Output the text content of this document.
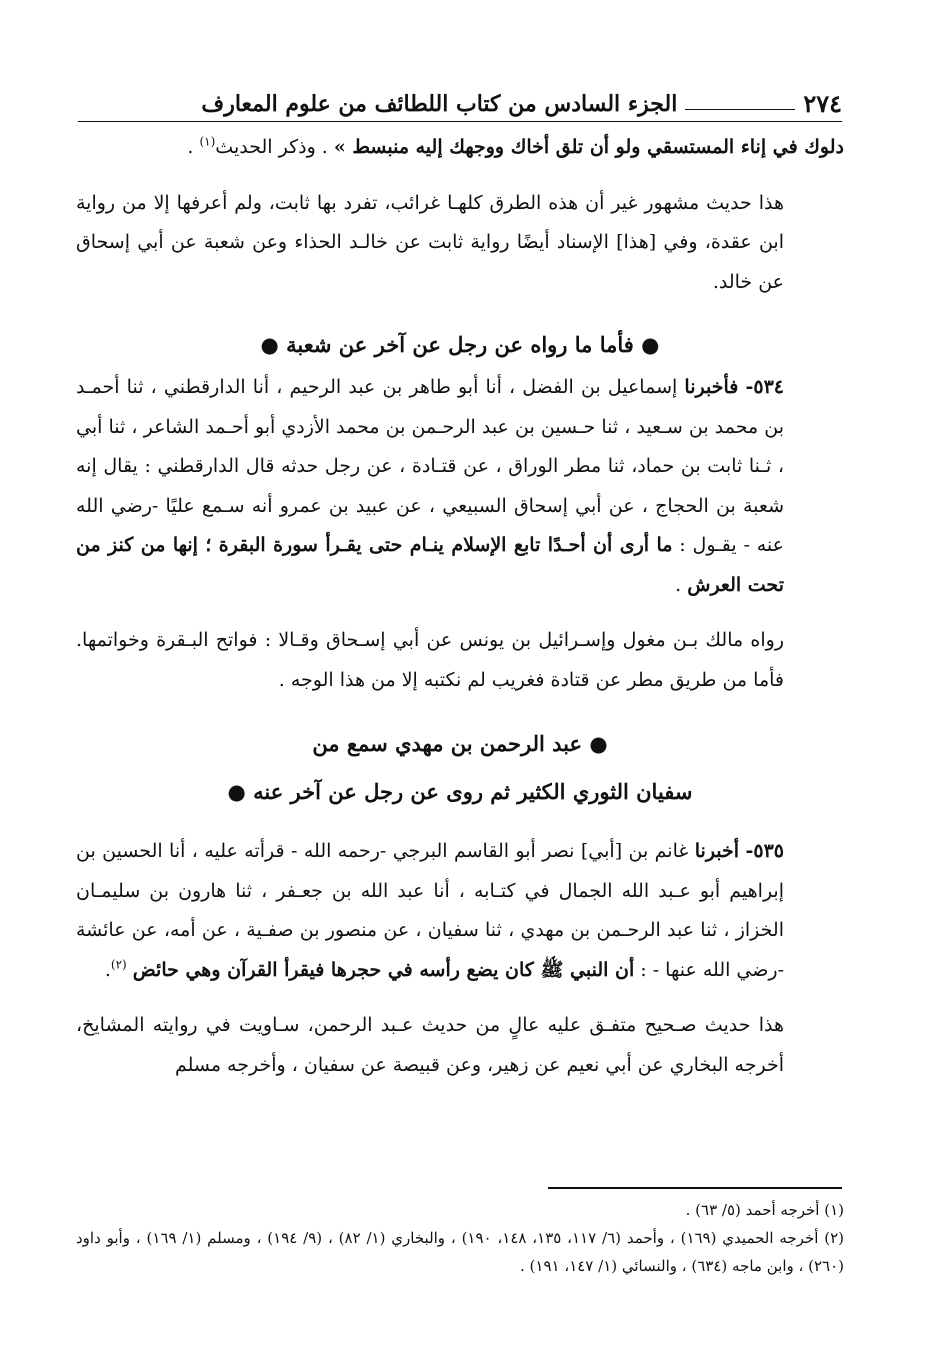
٢٧٤
الجزء السادس من كتاب اللطائف من علوم المعارف

دلوك في إناء المستسقي ولو أن تلق أخاك ووجهك إليه منبسط » . وذكر الحديث$^{(١)}$ .

هذا حديث مشهور غير أن هذه الطرق كلهـا غرائب، تفرد بها ثابت، ولم أعرفها إلا من رواية ابن عقدة، وفي [هذا] الإسناد أيضًا رواية ثابت عن خالـد الحذاء وعن شعبة عن أبي إسحاق عن خالد.

● فأما ما رواه عن رجل عن آخر عن شعبة ●

٥٣٤- فأخبرنا إسماعيل بن الفضل ، أنا أبو طاهر بن عبد الرحيم ، أنا الدارقطني ، ثنا أحمـد بن محمد بن سـعيد ، ثنا حـسين بن عبد الرحـمن بن محمد الأزدي أبو أحـمد الشاعر ، ثنا أبي ، ثـنا ثابت بن حماد، ثنا مطر الوراق ، عن قتـادة ، عن رجل حدثه قال الدارقطني : يقال إنه شعبة بن الحجاج ، عن أبي إسحاق السبيعي ، عن عبيد بن عمرو أنه سـمع عليًا -رضي الله عنه - يقـول : ما أرى أن أحـدًا تابع الإسلام ينـام حتى يقـرأ سورة البقرة ؛ إنها من كنز من تحت العرش .

رواه مالك بـن مغول وإسـرائيل بن يونس عن أبي إسـحاق وقـالا : فواتح البـقرة وخواتمها. فأما من طريق مطر عن قتادة فغريب لم نكتبه إلا من هذا الوجه .

● عبد الرحمن بن مهدي سمع من

سفيان الثوري الكثير ثم روى عن رجل عن آخر عنه ●

٥٣٥- أخبرنا غانم بن [أبي] نصر أبو القاسم البرجي -رحمه الله - قرأته عليه ، أنا الحسين بن إبراهيم أبو عـبد الله الجمال في كتـابه ، أنا عبد الله بن جعـفر ، ثنا هارون بن سليمـان الخزاز ، ثنا عبد الرحـمن بن مهدي ، ثنا سفيان ، عن منصور بن صفـية ، عن أمه، عن عائشة -رضي الله عنها - : أن النبي ﷺ كان يضع رأسه في حجرها فيقرأ القرآن وهي حائض $^{(٢)}$.

هذا حديث صـحيح متفـق عليه عالٍ من حديث عـبد الرحمن، سـاويت في روايته المشايخ، أخرجه البخاري عن أبي نعيم عن زهير، وعن قبيصة عن سفيان ، وأخرجه مسلم

(١) أخرجه أحمد (٥/ ٦٣) .

(٢) أخرجه الحميدي (١٦٩) ، وأحمد (٦/ ١١٧، ١٣٥، ١٤٨، ١٩٠) ، والبخاري (١/ ٨٢) ، (٩/ ١٩٤) ، ومسلم (١/ ١٦٩) ، وأبو داود (٢٦٠) ، وابن ماجه (٦٣٤) ، والنسائي (١/ ١٤٧، ١٩١) .
